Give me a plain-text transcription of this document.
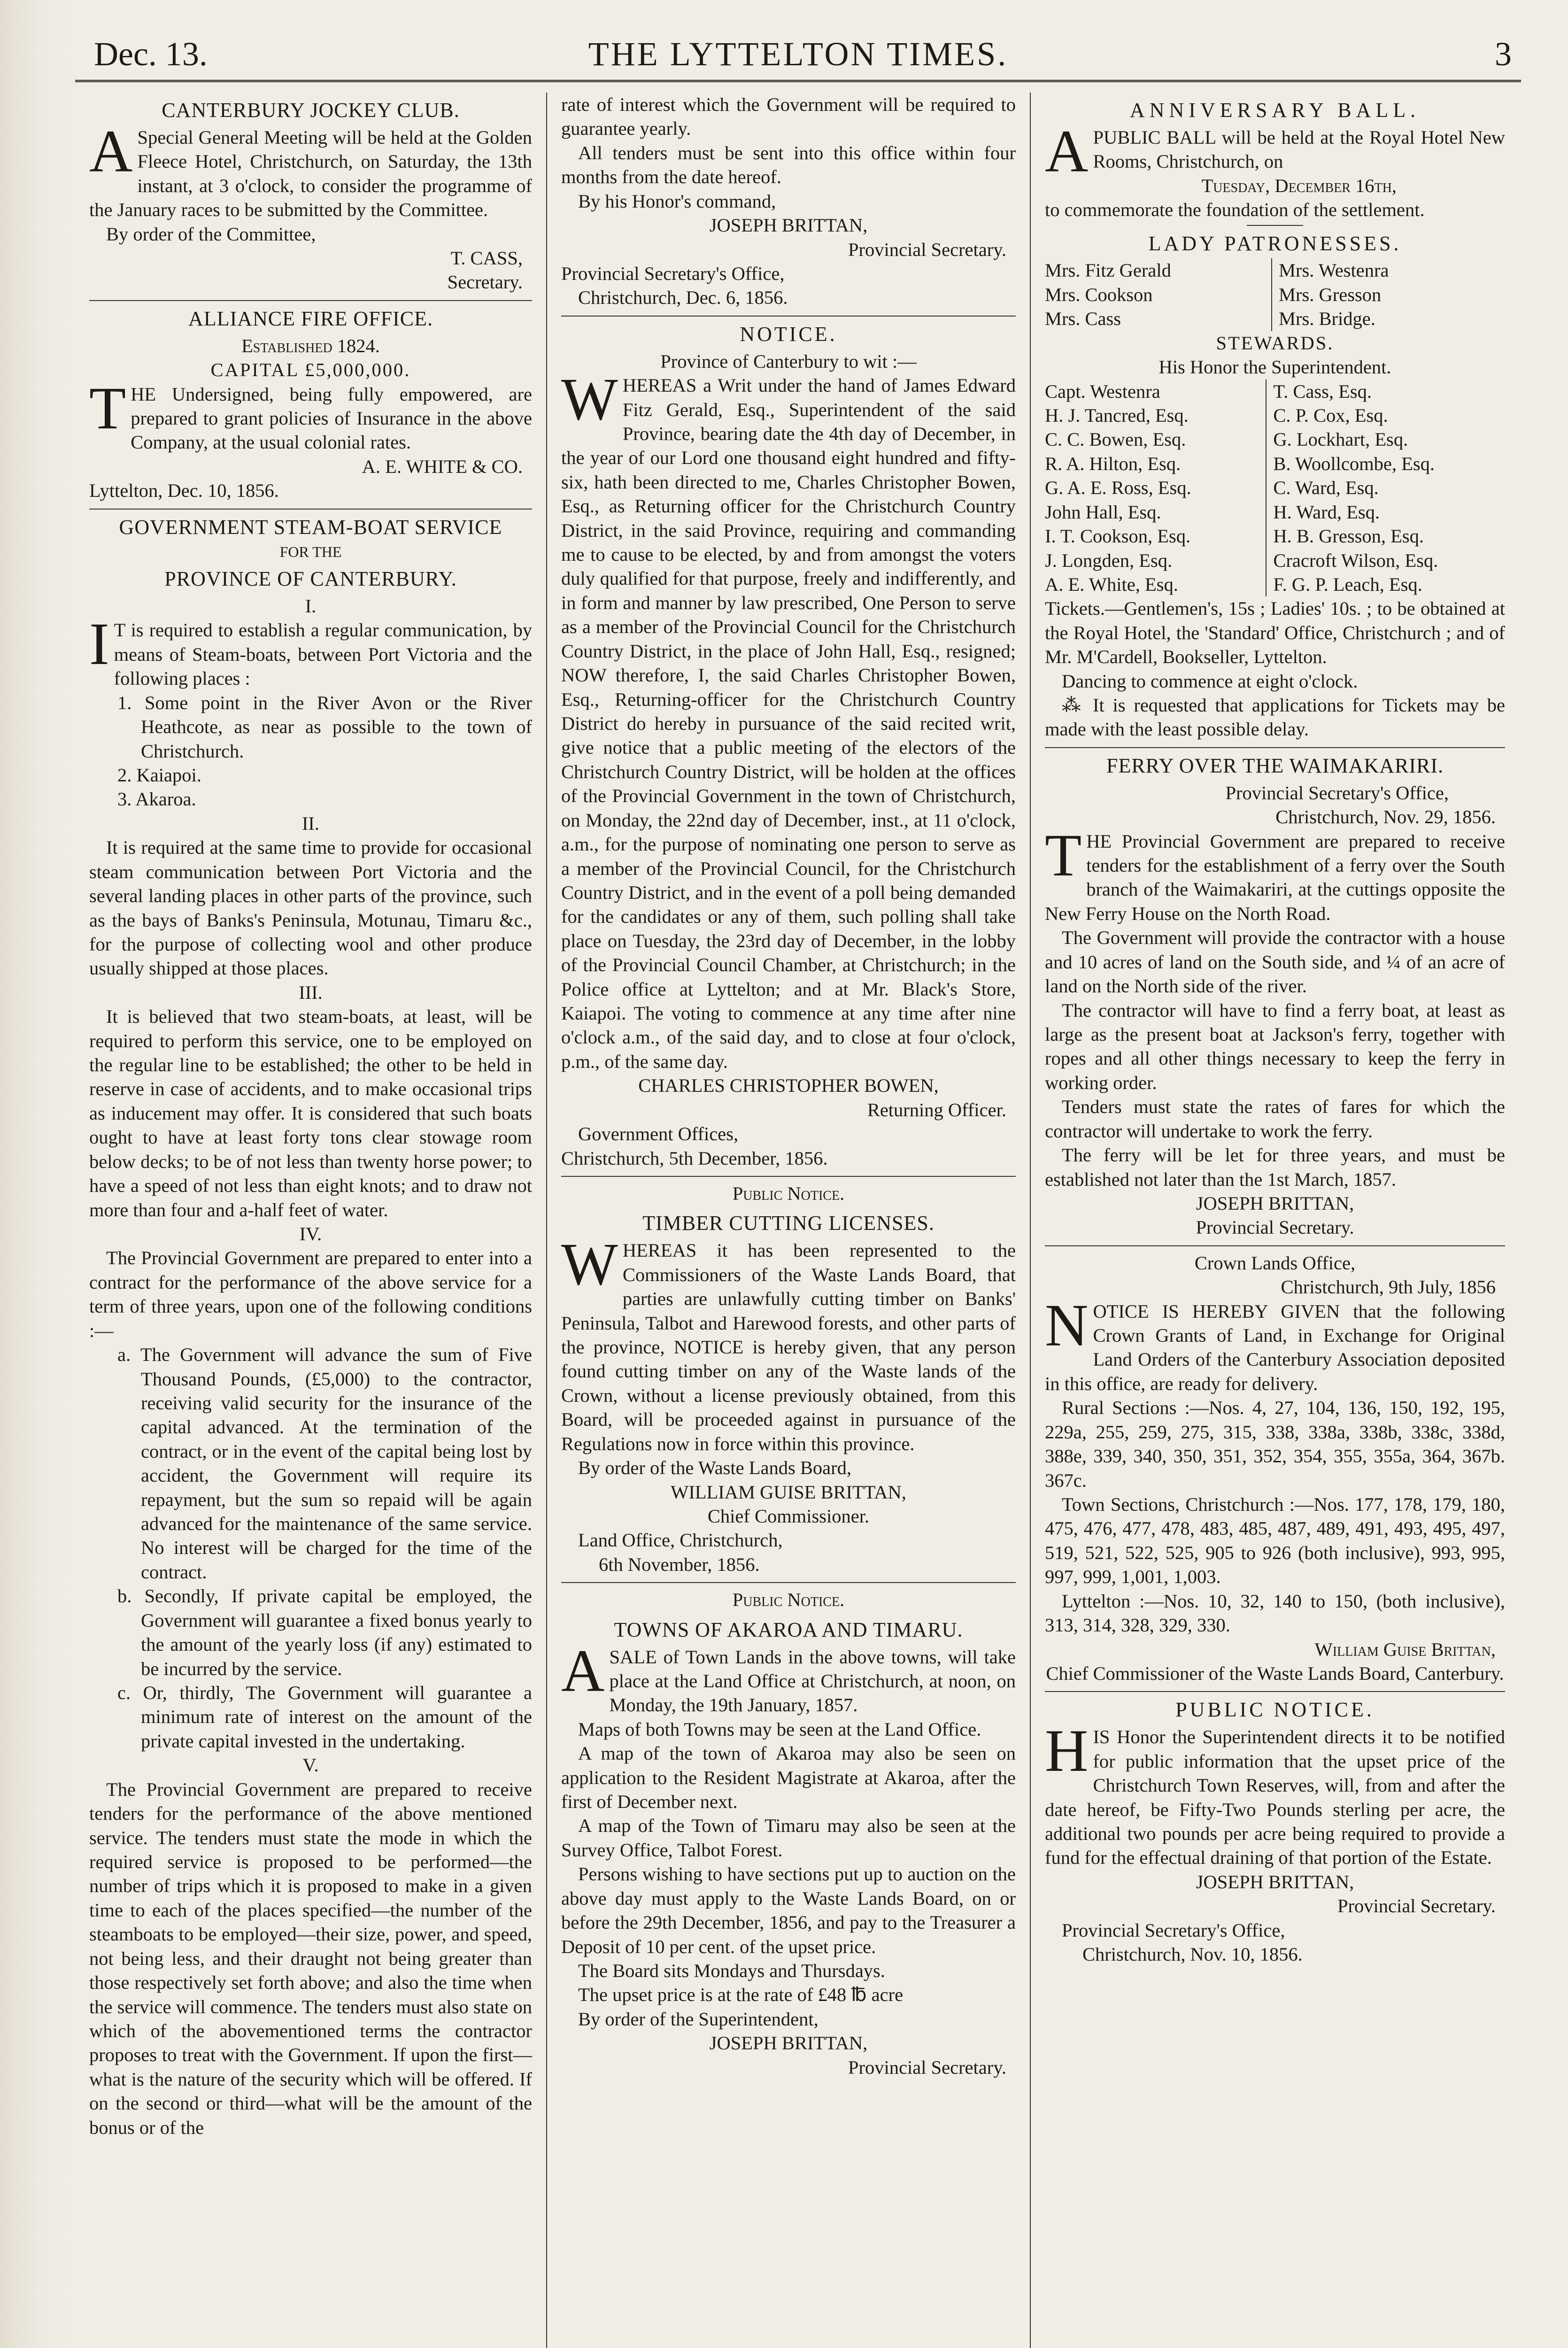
Dec. 13.	THE LYTTELTON TIMES.	3
CANTERBURY JOCKEY CLUB.

ASpecial General Meeting will be held at the Golden Fleece Hotel, Christchurch, on Saturday, the 13th instant, at 3 o'clock, to consider the programme of the January races to be submitted by the Committee.

By order of the Committee,

T. CASS,
Secretary.
ALLIANCE FIRE OFFICE.
Established 1824.
CAPITAL £5,000,000.

THE Undersigned, being fully empowered, are prepared to grant policies of Insurance in the above Company, at the usual colonial rates.

A. E. WHITE & CO.

Lyttelton, Dec. 10, 1856.

GOVERNMENT STEAM-BOAT SERVICE
FOR THE
PROVINCE OF CANTERBURY.
I.

IT is required to establish a regular communication, by means of Steam-boats, between Port Victoria and the following places :

1. Some point in the River Avon or the River Heathcote, as near as possible to the town of Christchurch.
2. Kaiapoi.
3. Akaroa.
II.

It is required at the same time to provide for occasional steam communication between Port Victoria and the several landing places in other parts of the province, such as the bays of Banks's Peninsula, Motunau, Timaru &c., for the purpose of collecting wool and other produce usually shipped at those places.

III.

It is believed that two steam-boats, at least, will be required to perform this service, one to be employed on the regular line to be established; the other to be held in reserve in case of accidents, and to make occasional trips as inducement may offer. It is considered that such boats ought to have at least forty tons clear stowage room below decks; to be of not less than twenty horse power; to have a speed of not less than eight knots; and to draw not more than four and a-half feet of water.

IV.

The Provincial Government are prepared to enter into a contract for the performance of the above service for a term of three years, upon one of the following conditions :—

a. The Government will advance the sum of Five Thousand Pounds, (£5,000) to the contractor, receiving valid security for the insurance of the capital advanced. At the termination of the contract, or in the event of the capital being lost by accident, the Government will require its repayment, but the sum so repaid will be again advanced for the maintenance of the same service. No interest will be charged for the time of the contract.
b. Secondly, If private capital be employed, the Government will guarantee a fixed bonus yearly to the amount of the yearly loss (if any) estimated to be incurred by the service.
c. Or, thirdly, The Government will guarantee a minimum rate of interest on the amount of the private capital invested in the undertaking.
V.

The Provincial Government are prepared to receive tenders for the performance of the above mentioned service. The tenders must state the mode in which the required service is proposed to be performed—the number of trips which it is proposed to make in a given time to each of the places specified—the number of the steamboats to be employed—their size, power, and speed, not being less, and their draught not being greater than those respectively set forth above; and also the time when the service will commence. The tenders must also state on which of the abovementioned terms the contractor proposes to treat with the Government. If upon the first—what is the nature of the security which will be offered. If on the second or third—what will be the amount of the bonus or of the

rate of interest which the Government will be required to guarantee yearly.

All tenders must be sent into this office within four months from the date hereof.

By his Honor's command,

JOSEPH BRITTAN,
Provincial Secretary.

Provincial Secretary's Office,

Christchurch, Dec. 6, 1856.

NOTICE.
Province of Canterbury to wit :—

WHEREAS a Writ under the hand of James Edward Fitz Gerald, Esq., Superintendent of the said Province, bearing date the 4th day of December, in the year of our Lord one thousand eight hundred and fifty-six, hath been directed to me, Charles Christopher Bowen, Esq., as Returning officer for the Christchurch Country District, in the said Province, requiring and commanding me to cause to be elected, by and from amongst the voters duly qualified for that purpose, freely and indifferently, and in form and manner by law prescribed, One Person to serve as a member of the Provincial Council for the Christchurch Country District, in the place of John Hall, Esq., resigned; NOW therefore, I, the said Charles Christopher Bowen, Esq., Returning-officer for the Christchurch Country District do hereby in pursuance of the said recited writ, give notice that a public meeting of the electors of the Christchurch Country District, will be holden at the offices of the Provincial Government in the town of Christchurch, on Monday, the 22nd day of December, inst., at 11 o'clock, a.m., for the purpose of nominating one person to serve as a member of the Provincial Council, for the Christchurch Country District, and in the event of a poll being demanded for the candidates or any of them, such polling shall take place on Tuesday, the 23rd day of December, in the lobby of the Provincial Council Chamber, at Christchurch; in the Police office at Lyttelton; and at Mr. Black's Store, Kaiapoi. The voting to commence at any time after nine o'clock a.m., of the said day, and to close at four o'clock, p.m., of the same day.

CHARLES CHRISTOPHER BOWEN,
Returning Officer.

Government Offices,

Christchurch, 5th December, 1856.

Public Notice.
TIMBER CUTTING LICENSES.

WHEREAS it has been represented to the Commissioners of the Waste Lands Board, that parties are unlawfully cutting timber on Banks' Peninsula, Talbot and Harewood forests, and other parts of the province, NOTICE is hereby given, that any person found cutting timber on any of the Waste lands of the Crown, without a license previously obtained, from this Board, will be proceeded against in pursuance of the Regulations now in force within this province.

By order of the Waste Lands Board,

WILLIAM GUISE BRITTAN,
Chief Commissioner.

Land Office, Christchurch,

6th November, 1856.

Public Notice.
TOWNS OF AKAROA AND TIMARU.

ASALE of Town Lands in the above towns, will take place at the Land Office at Christchurch, at noon, on Monday, the 19th January, 1857.

Maps of both Towns may be seen at the Land Office.

A map of the town of Akaroa may also be seen on application to the Resident Magistrate at Akaroa, after the first of December next.

A map of the Town of Timaru may also be seen at the Survey Office, Talbot Forest.

Persons wishing to have sections put up to auction on the above day must apply to the Waste Lands Board, on or before the 29th December, 1856, and pay to the Treasurer a Deposit of 10 per cent. of the upset price.

The Board sits Mondays and Thursdays.

The upset price is at the rate of £48 ℔ acre

By order of the Superintendent,

JOSEPH BRITTAN,
Provincial Secretary.
ANNIVERSARY BALL.

APUBLIC BALL will be held at the Royal Hotel New Rooms, Christchurch, on

Tuesday, December 16th,

to commemorate the foundation of the settlement.

LADY PATRONESSES.
Mrs. Fitz Gerald
Mrs. Cookson
Mrs. Cass
Mrs. Westenra
Mrs. Gresson
Mrs. Bridge.
STEWARDS.
His Honor the Superintendent.
Capt. Westenra
H. J. Tancred, Esq.
C. C. Bowen, Esq.
R. A. Hilton, Esq.
G. A. E. Ross, Esq.
John Hall, Esq.
I. T. Cookson, Esq.
J. Longden, Esq.
A. E. White, Esq.
T. Cass, Esq.
C. P. Cox, Esq.
G. Lockhart, Esq.
B. Woollcombe, Esq.
C. Ward, Esq.
H. Ward, Esq.
H. B. Gresson, Esq.
Cracroft Wilson, Esq.
F. G. P. Leach, Esq.

Tickets.—Gentlemen's, 15s ; Ladies' 10s. ; to be obtained at the Royal Hotel, the 'Standard' Office, Christchurch ; and of Mr. M'Cardell, Bookseller, Lyttelton.

Dancing to commence at eight o'clock.

⁂ It is requested that applications for Tickets may be made with the least possible delay.

FERRY OVER THE WAIMAKARIRI.
Provincial Secretary's Office,
Christchurch, Nov. 29, 1856.

THE Provincial Government are prepared to receive tenders for the establishment of a ferry over the South branch of the Waimakariri, at the cuttings opposite the New Ferry House on the North Road.

The Government will provide the contractor with a house and 10 acres of land on the South side, and ¼ of an acre of land on the North side of the river.

The contractor will have to find a ferry boat, at least as large as the present boat at Jackson's ferry, together with ropes and all other things necessary to keep the ferry in working order.

Tenders must state the rates of fares for which the contractor will undertake to work the ferry.

The ferry will be let for three years, and must be established not later than the 1st March, 1857.

JOSEPH BRITTAN,
Provincial Secretary.
Crown Lands Office,
Christchurch, 9th July, 1856

NOTICE IS HEREBY GIVEN that the following Crown Grants of Land, in Exchange for Original Land Orders of the Canterbury Association deposited in this office, are ready for delivery.

Rural Sections :—Nos. 4, 27, 104, 136, 150, 192, 195, 229a, 255, 259, 275, 315, 338, 338a, 338b, 338c, 338d, 388e, 339, 340, 350, 351, 352, 354, 355, 355a, 364, 367b. 367c.

Town Sections, Christchurch :—Nos. 177, 178, 179, 180, 475, 476, 477, 478, 483, 485, 487, 489, 491, 493, 495, 497, 519, 521, 522, 525, 905 to 926 (both inclusive), 993, 995, 997, 999, 1,001, 1,003.

Lyttelton :—Nos. 10, 32, 140 to 150, (both inclusive), 313, 314, 328, 329, 330.

William Guise Brittan,
Chief Commissioner of the Waste Lands Board, Canterbury.
PUBLIC NOTICE.

HIS Honor the Superintendent directs it to be notified for public information that the upset price of the Christchurch Town Reserves, will, from and after the date hereof, be Fifty-Two Pounds sterling per acre, the additional two pounds per acre being required to provide a fund for the effectual draining of that portion of the Estate.

JOSEPH BRITTAN,
Provincial Secretary.

Provincial Secretary's Office,

Christchurch, Nov. 10, 1856.
